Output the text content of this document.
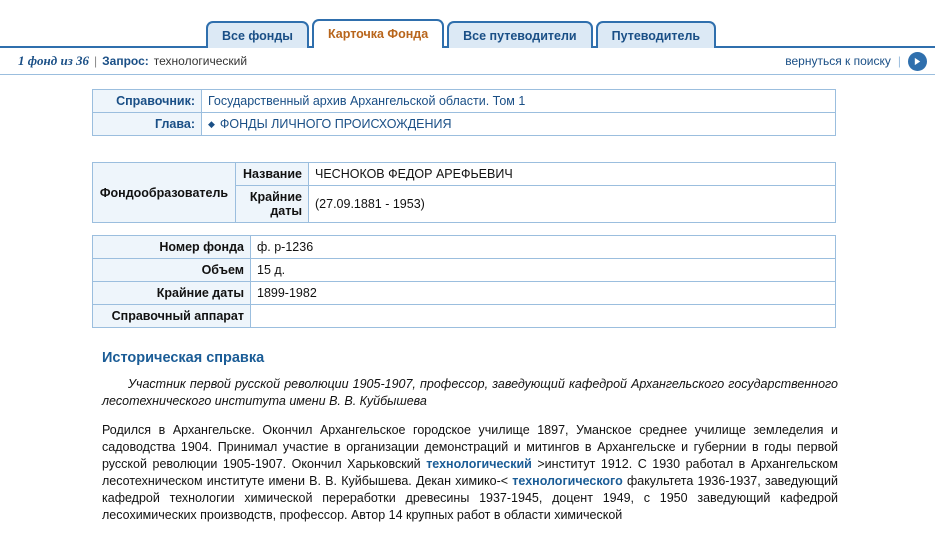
Все фонды	Карточка Фонда	Все путеводители	Путеводитель
1 фонд из 36 | Запрос: технологический	вернуться к поиску |
Справочник:	Государственный архив Архангельской области. Том 1
Глава:	◆ ФОНДЫ ЛИЧНОГО ПРОИСХОЖДЕНИЯ
Фондообразователь	Название	ЧЕСНОКОВ ФЕДОР АРЕФЬЕВИЧ
	Крайние
даты	(27.09.1881 - 1953)
Номер фонда	ф. р-1236
Объем	15 д.
Крайние даты	1899-1982
Справочный аппарат	
Историческая справка

Участник первой русской революции 1905-1907, профессор, заведующий кафедрой Архангельского государственного лесотехнического института имени В. В. Куйбышева

Родился в Архангельске. Окончил Архангельское городское училище 1897, Уманское среднее училище земледелия и садоводства 1904. Принимал участие в организации демонстраций и митингов в Архангельске и губернии в годы первой русской революции 1905-1907. Окончил Харьковский технологический >институт 1912. С 1930 работал в Архангельском лесотехническом институте имени В. В. Куйбышева. Декан химико-< технологического факультета 1936-1937, заведующий кафедрой технологии химической переработки древесины 1937-1945, доцент 1949, с 1950 заведующий кафедрой лесохимических производств, профессор. Автор 14 крупных работ в области химической
